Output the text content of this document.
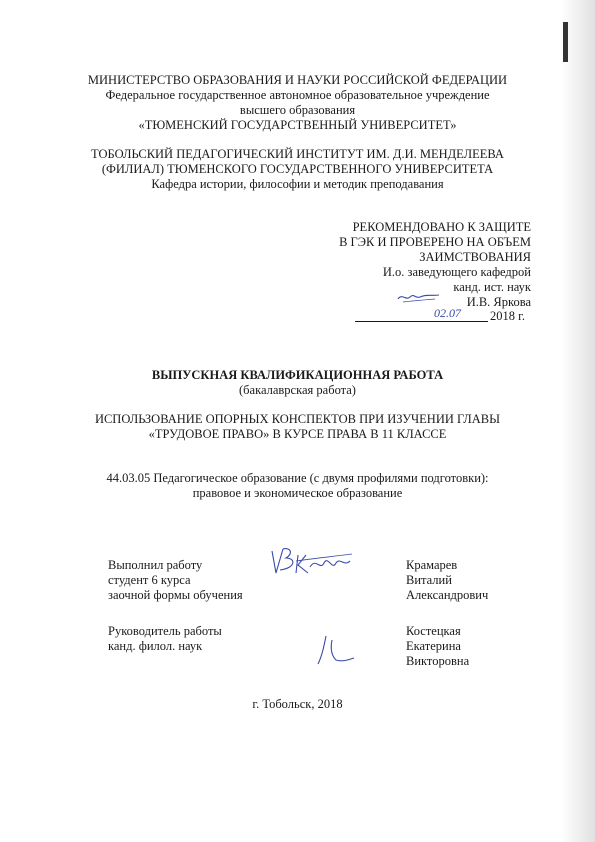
МИНИСТЕРСТВО ОБРАЗОВАНИЯ И НАУКИ РОССИЙСКОЙ ФЕДЕРАЦИИ
Федеральное государственное автономное образовательное учреждение
высшего образования
«ТЮМЕНСКИЙ ГОСУДАРСТВЕННЫЙ УНИВЕРСИТЕТ»
ТОБОЛЬСКИЙ ПЕДАГОГИЧЕСКИЙ ИНСТИТУТ ИМ. Д.И. МЕНДЕЛЕЕВА
(ФИЛИАЛ) ТЮМЕНСКОГО ГОСУДАРСТВЕННОГО УНИВЕРСИТЕТА
Кафедра истории, философии и методик преподавания
РЕКОМЕНДОВАНО К ЗАЩИТЕ
В ГЭК И ПРОВЕРЕНО НА ОБЪЕМ
ЗАИМСТВОВАНИЯ
И.о. заведующего кафедрой
канд. ист. наук
И.В. Яркова
02.07 2018 г.
ВЫПУСКНАЯ КВАЛИФИКАЦИОННАЯ РАБОТА
(бакалаврская работа)
ИСПОЛЬЗОВАНИЕ ОПОРНЫХ КОНСПЕКТОВ ПРИ ИЗУЧЕНИИ ГЛАВЫ
«ТРУДОВОЕ ПРАВО» В КУРСЕ ПРАВА В 11 КЛАССЕ
44.03.05 Педагогическое образование (с двумя профилями подготовки):
правовое и экономическое образование
Выполнил работу
студент 6 курса
заочной формы обучения
Крамарев
Виталий
Александрович
Руководитель работы
канд. филол. наук
Костецкая
Екатерина
Викторовна
г. Тобольск, 2018
